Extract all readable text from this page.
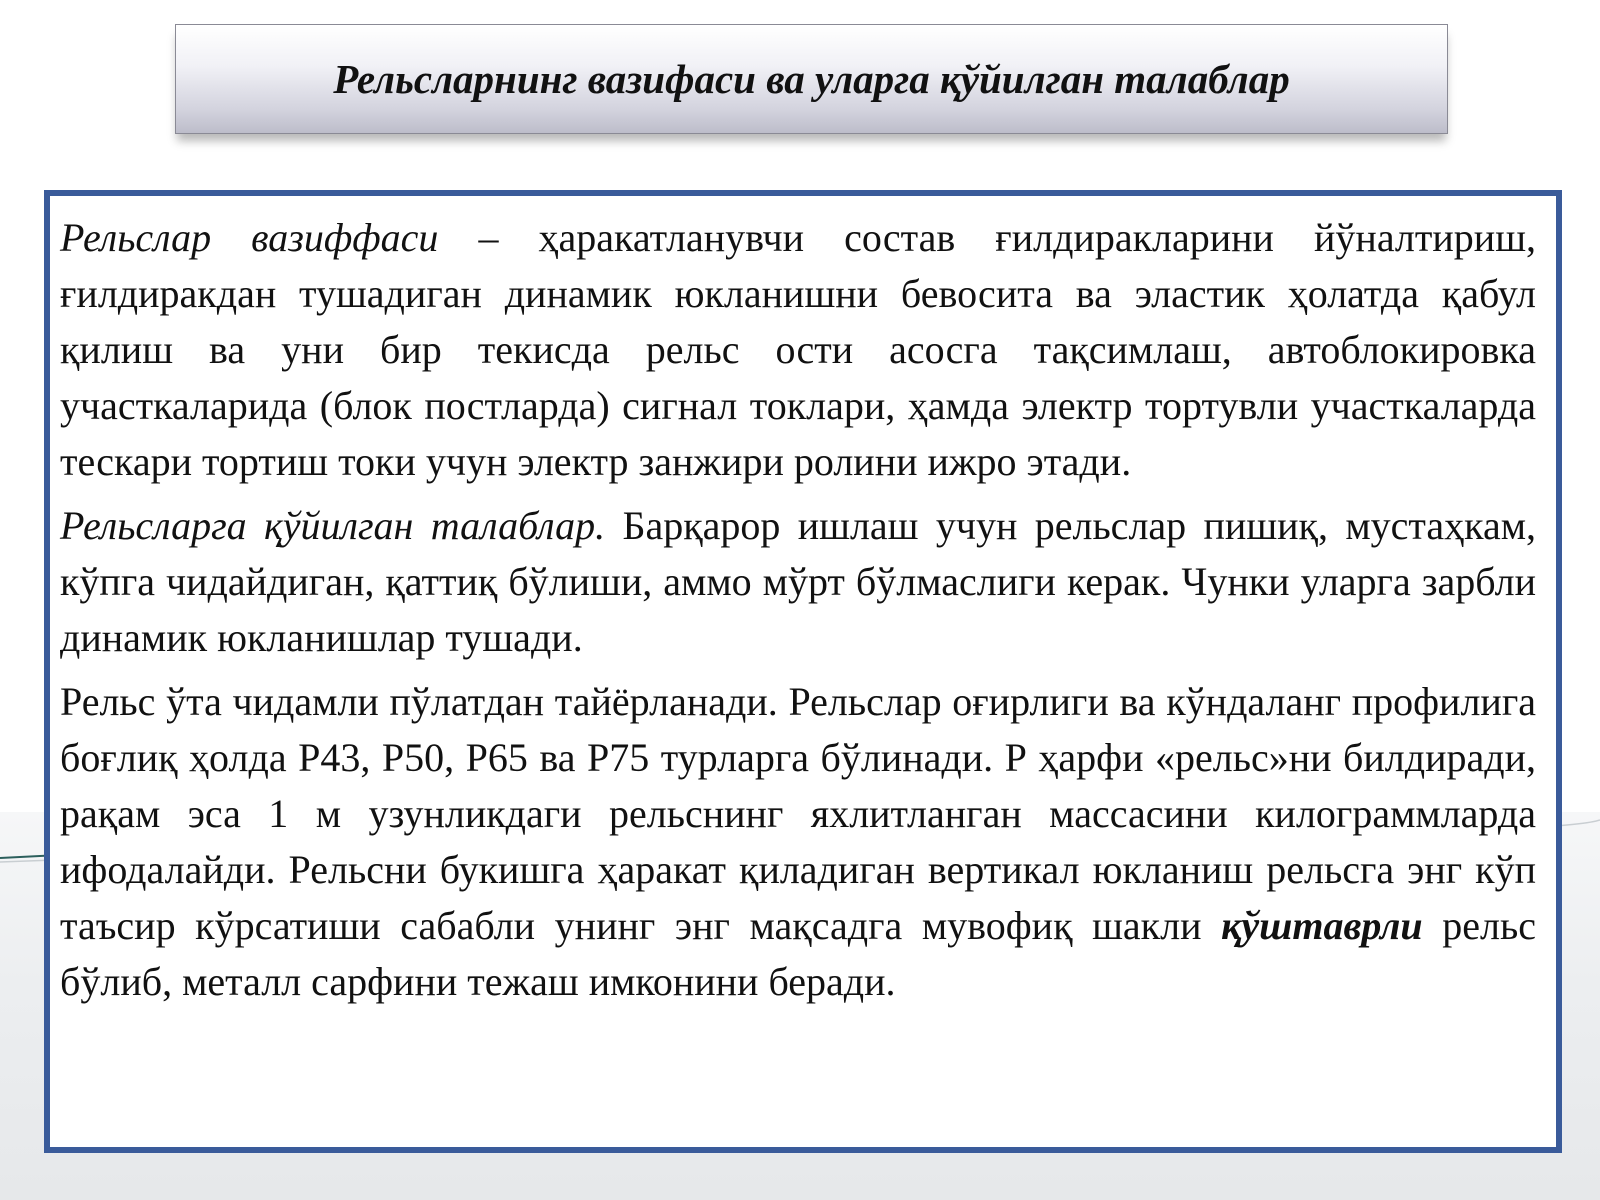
Рельсларнинг вазифаси ва уларга қўйилган талаблар

Рельслар вазиффаси – ҳаракатланувчи состав ғилдиракларини йўналтириш, ғилдиракдан тушадиган динамик юкланишни бевосита ва эластик ҳолатда қабул қилиш ва уни бир текисда рельс ости асосга тақсимлаш, автоблокировка участкаларида (блок постларда) сигнал токлари, ҳамда электр тортувли участкаларда тескари тортиш токи учун электр занжири ролини ижро этади.

Рельсларга қўйилган талаблар. Барқарор ишлаш учун рельслар пишиқ, мустаҳкам, кўпга чидайдиган, қаттиқ бўлиши, аммо мўрт бўлмаслиги керак. Чунки уларга зарбли динамик юкланишлар тушади.

Рельс ўта чидамли пўлатдан тайёрланади. Рельслар оғирлиги ва кўндаланг профилига боғлиқ ҳолда Р43, Р50, Р65 ва Р75 турларга бўлинади. Р ҳарфи «рельс»ни билдиради, рақам эса 1 м узунликдаги рельснинг яхлитланган массасини килограммларда ифодалайди. Рельсни букишга ҳаракат қиладиган вертикал юкланиш рельсга энг кўп таъсир кўрсатиши сабабли унинг энг мақсадга мувофиқ шакли қўштаврли рельс бўлиб, металл сарфини тежаш имконини беради.
